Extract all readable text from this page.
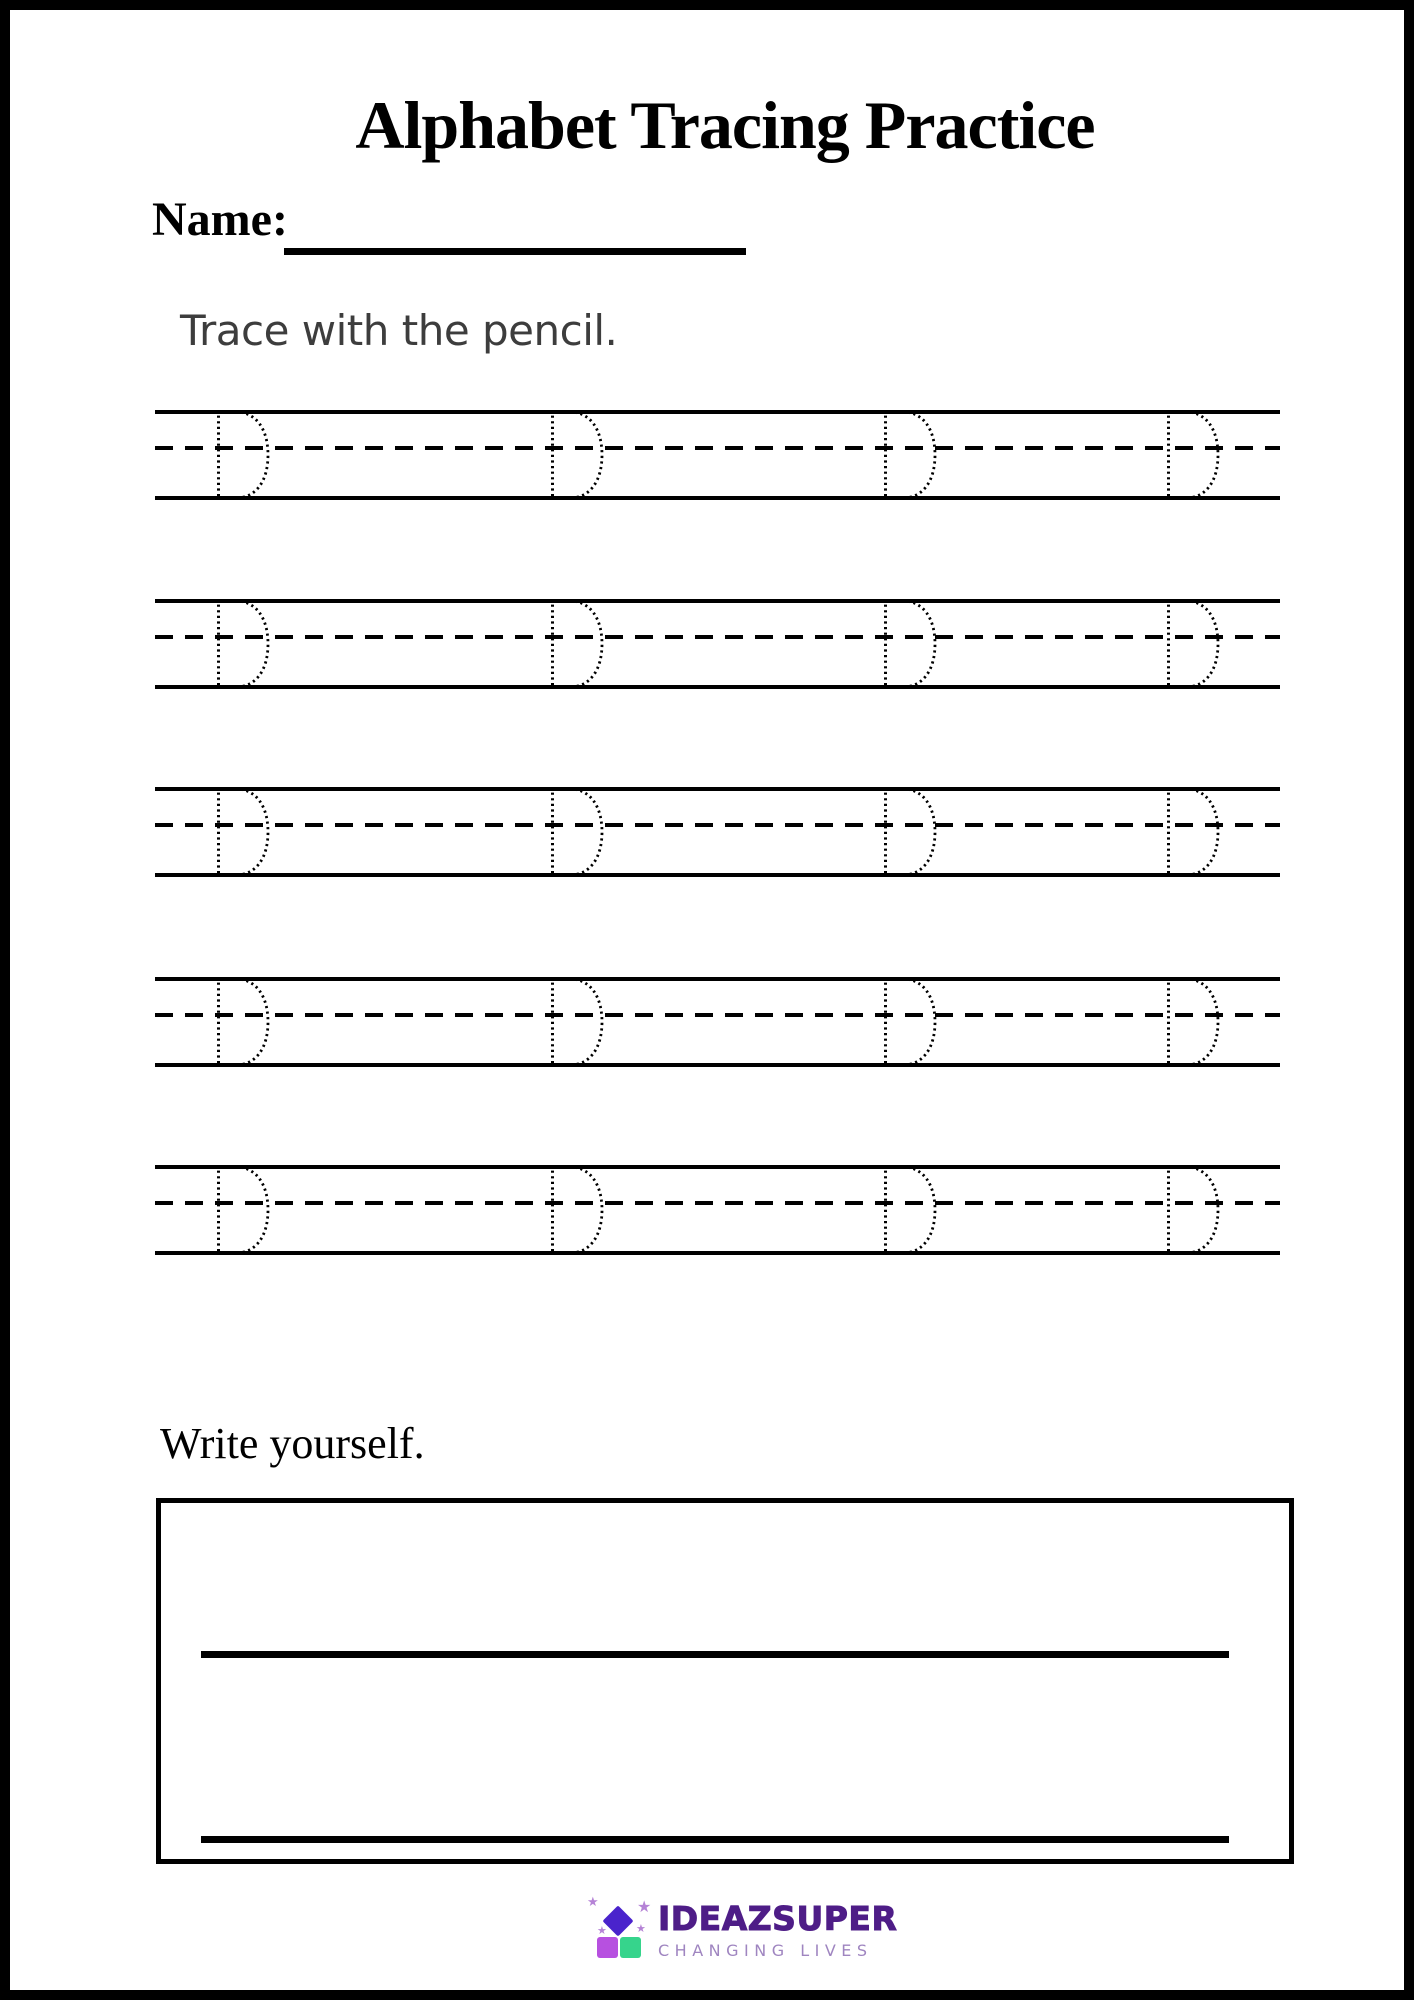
Alphabet Tracing Practice
Name:
Trace with the pencil.
Write yourself.
★ ★
★	★ IDEAZSUPER
CHANGING LIVES
